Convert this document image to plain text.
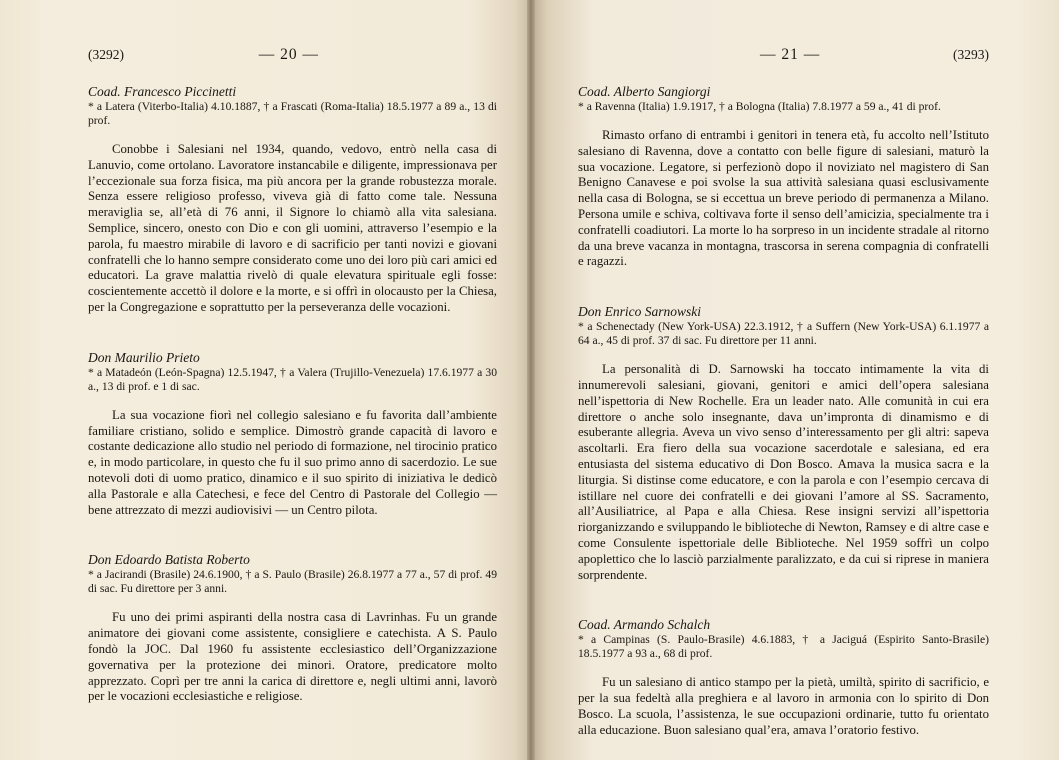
(3292)	— 20 —

Coad. Francesco Piccinetti

* a Latera (Viterbo-Italia) 4.10.1887, † a Frascati (Roma-Italia) 18.5.1977 a 89 a., 13 di prof.

Conobbe i Salesiani nel 1934, quando, vedovo, entrò nella casa di Lanuvio, come ortolano. Lavoratore instancabile e diligente, impressionava per l’eccezionale sua forza fisica, ma più ancora per la grande robustezza morale. Senza essere religioso professo, viveva già di fatto come tale. Nessuna meraviglia se, all’età di 76 anni, il Signore lo chiamò alla vita salesiana. Semplice, sincero, onesto con Dio e con gli uomini, attraverso l’esempio e la parola, fu maestro mirabile di lavoro e di sacrificio per tanti novizi e giovani confratelli che lo hanno sempre considerato come uno dei loro più cari amici ed educatori. La grave malattia rivelò di quale elevatura spirituale egli fosse: coscientemente accettò il dolore e la morte, e si offrì in olocausto per la Chiesa, per la Congregazione e soprattutto per la perseveranza delle vocazioni.

Don Maurilio Prieto

* a Matadeón (León-Spagna) 12.5.1947, † a Valera (Trujillo-Venezuela) 17.6.1977 a 30 a., 13 di prof. e 1 di sac.

La sua vocazione fiorì nel collegio salesiano e fu favorita dall’ambiente familiare cristiano, solido e semplice. Dimostrò grande capacità di lavoro e costante dedicazione allo studio nel periodo di formazione, nel tirocinio pratico e, in modo particolare, in questo che fu il suo primo anno di sacerdozio. Le sue notevoli doti di uomo pratico, dinamico e il suo spirito di iniziativa le dedicò alla Pastorale e alla Catechesi, e fece del Centro di Pastorale del Collegio — bene attrezzato di mezzi audiovisivi — un Centro pilota.

Don Edoardo Batista Roberto

* a Jacirandi (Brasile) 24.6.1900, † a S. Paulo (Brasile) 26.8.1977 a 77 a., 57 di prof. 49 di sac. Fu direttore per 3 anni.

Fu uno dei primi aspiranti della nostra casa di Lavrinhas. Fu un grande animatore dei giovani come assistente, consigliere e catechista. A S. Paulo fondò la JOC. Dal 1960 fu assistente ecclesiastico dell’Organizzazione governativa per la protezione dei minori. Oratore, predicatore molto apprezzato. Coprì per tre anni la carica di direttore e, negli ultimi anni, lavorò per le vocazioni ecclesiastiche e religiose.

— 21 —	(3293)

Coad. Alberto Sangiorgi

* a Ravenna (Italia) 1.9.1917, † a Bologna (Italia) 7.8.1977 a 59 a., 41 di prof.

Rimasto orfano di entrambi i genitori in tenera età, fu accolto nell’Istituto salesiano di Ravenna, dove a contatto con belle figure di salesiani, maturò la sua vocazione. Legatore, si perfezionò dopo il noviziato nel magistero di San Benigno Canavese e poi svolse la sua attività salesiana quasi esclusivamente nella casa di Bologna, se si eccettua un breve periodo di permanenza a Milano. Persona umile e schiva, coltivava forte il senso dell’amicizia, specialmente tra i confratelli coadiutori. La morte lo ha sorpreso in un incidente stradale al ritorno da una breve vacanza in montagna, trascorsa in serena compagnia di confratelli e ragazzi.

Don Enrico Sarnowski

* a Schenectady (New York-USA) 22.3.1912, † a Suffern (New York-USA) 6.1.1977 a 64 a., 45 di prof. 37 di sac. Fu direttore per 11 anni.

La personalità di D. Sarnowski ha toccato intimamente la vita di innumerevoli salesiani, giovani, genitori e amici dell’opera salesiana nell’ispettoria di New Rochelle. Era un leader nato. Alle comunità in cui era direttore o anche solo insegnante, dava un’impronta di dinamismo e di esuberante allegria. Aveva un vivo senso d’interessamento per gli altri: sapeva ascoltarli. Era fiero della sua vocazione sacerdotale e salesiana, ed era entusiasta del sistema educativo di Don Bosco. Amava la musica sacra e la liturgia. Si distinse come educatore, e con la parola e con l’esempio cercava di istillare nel cuore dei confratelli e dei giovani l’amore al SS. Sacramento, all’Ausiliatrice, al Papa e alla Chiesa. Rese insigni servizi all’ispettoria riorganizzando e sviluppando le biblioteche di Newton, Ramsey e di altre case e come Consulente ispettoriale delle Biblioteche. Nel 1959 soffrì un colpo apoplettico che lo lasciò parzialmente paralizzato, e da cui si riprese in maniera sorprendente.

Coad. Armando Schalch

* a Campinas (S. Paulo-Brasile) 4.6.1883, † a Jaciguá (Espirito Santo-Brasile) 18.5.1977 a 93 a., 68 di prof.

Fu un salesiano di antico stampo per la pietà, umiltà, spirito di sacrificio, e per la sua fedeltà alla preghiera e al lavoro in armonia con lo spirito di Don Bosco. La scuola, l’assistenza, le sue occupazioni ordinarie, tutto fu orientato alla educazione. Buon salesiano qual’era, amava l’oratorio festivo.
